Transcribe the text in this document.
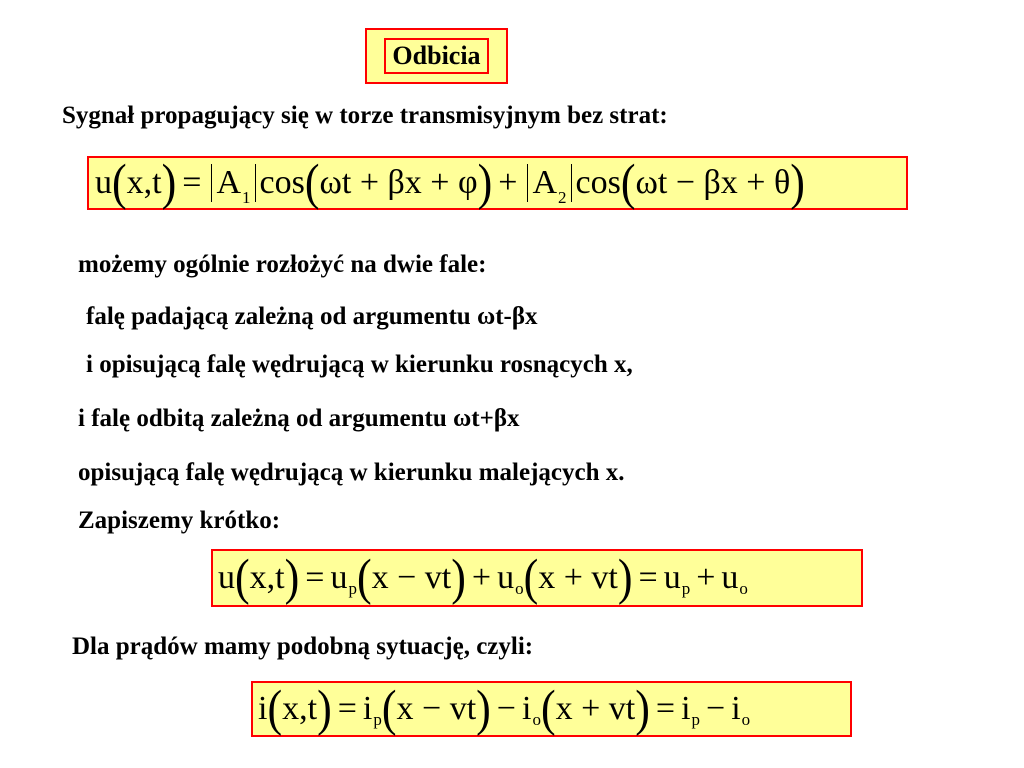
Odbicia
Sygnał propagujący się w torze transmisyjnym bez strat:
u ( x,t ) = $A_1$ cos ( ωt + βx + φ ) + $A_2$ cos ( ωt − βx + θ )
możemy ogólnie rozłożyć na dwie fale:
falę padającą zależną od argumentu ωt-βx
i opisującą falę wędrującą w kierunku rosnących x,
i falę odbitą zależną od argumentu ωt+βx
opisującą falę wędrującą w kierunku malejących x.
Zapiszemy krótko:
u ( x,t ) = u p ( x − vt ) + u o ( x + vt ) = u p + u o
Dla prądów mamy podobną sytuację, czyli:
i ( x,t ) = i p ( x − vt ) − i o ( x + vt ) = i p − i o
